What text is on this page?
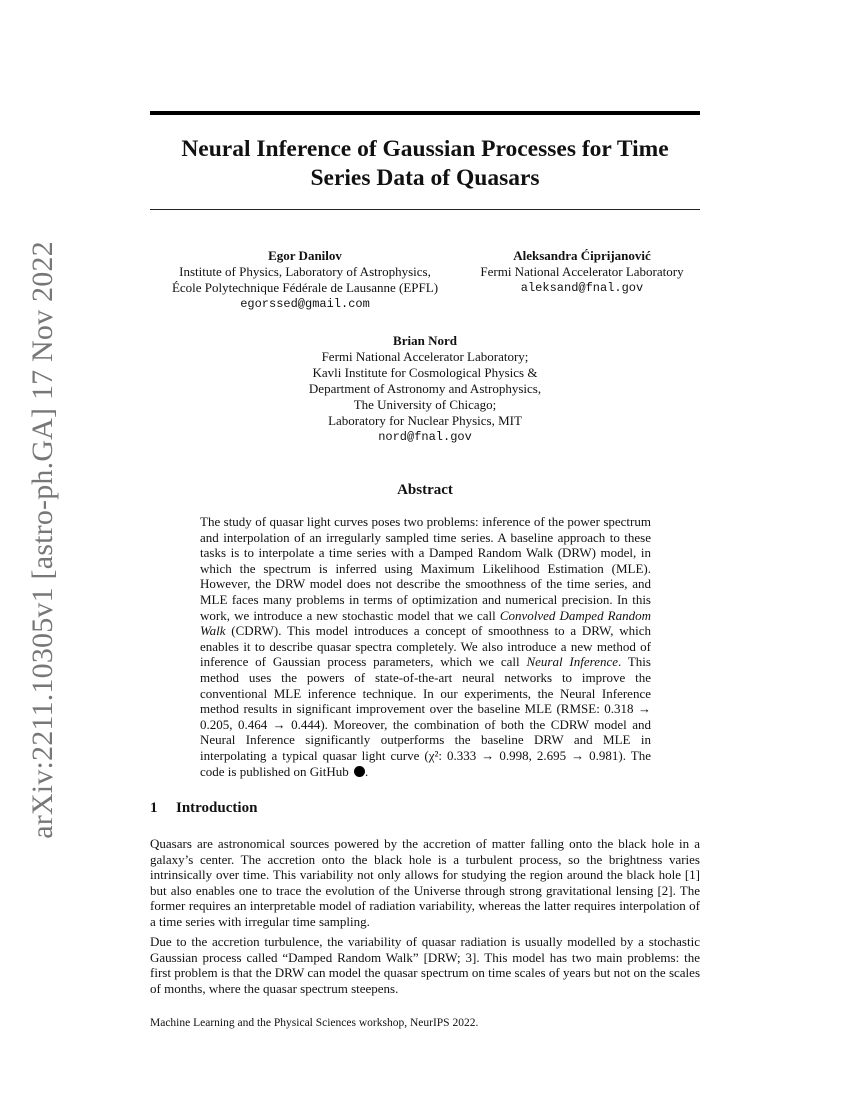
arXiv:2211.10305v1 [astro-ph.GA] 17 Nov 2022
Neural Inference of Gaussian Processes for Time Series Data of Quasars
Egor Danilov
Institute of Physics, Laboratory of Astrophysics,
École Polytechnique Fédérale de Lausanne (EPFL)
egorssed@gmail.com
Aleksandra Ćiprijanović
Fermi National Accelerator Laboratory
aleksand@fnal.gov
Brian Nord
Fermi National Accelerator Laboratory;
Kavli Institute for Cosmological Physics &
Department of Astronomy and Astrophysics,
The University of Chicago;
Laboratory for Nuclear Physics, MIT
nord@fnal.gov
Abstract
The study of quasar light curves poses two problems: inference of the power spectrum and interpolation of an irregularly sampled time series. A baseline approach to these tasks is to interpolate a time series with a Damped Random Walk (DRW) model, in which the spectrum is inferred using Maximum Likelihood Estimation (MLE). However, the DRW model does not describe the smoothness of the time series, and MLE faces many problems in terms of optimization and numerical precision. In this work, we introduce a new stochastic model that we call Convolved Damped Random Walk (CDRW). This model introduces a concept of smoothness to a DRW, which enables it to describe quasar spectra completely. We also introduce a new method of inference of Gaussian process parameters, which we call Neural Inference. This method uses the powers of state-of-the-art neural networks to improve the conventional MLE inference technique. In our experiments, the Neural Inference method results in significant improvement over the baseline MLE (RMSE: 0.318 → 0.205, 0.464 → 0.444). Moreover, the combination of both the CDRW model and Neural Inference significantly outperforms the baseline DRW and MLE in interpolating a typical quasar light curve (χ²: 0.333 → 0.998, 2.695 → 0.981). The code is published on GitHub .
1 Introduction
Quasars are astronomical sources powered by the accretion of matter falling onto the black hole in a galaxy’s center. The accretion onto the black hole is a turbulent process, so the brightness varies intrinsically over time. This variability not only allows for studying the region around the black hole [1] but also enables one to trace the evolution of the Universe through strong gravitational lensing [2]. The former requires an interpretable model of radiation variability, whereas the latter requires interpolation of a time series with irregular time sampling.
Due to the accretion turbulence, the variability of quasar radiation is usually modelled by a stochastic Gaussian process called “Damped Random Walk” [DRW; 3]. This model has two main problems: the first problem is that the DRW can model the quasar spectrum on time scales of years but not on the scales of months, where the quasar spectrum steepens.
Machine Learning and the Physical Sciences workshop, NeurIPS 2022.
